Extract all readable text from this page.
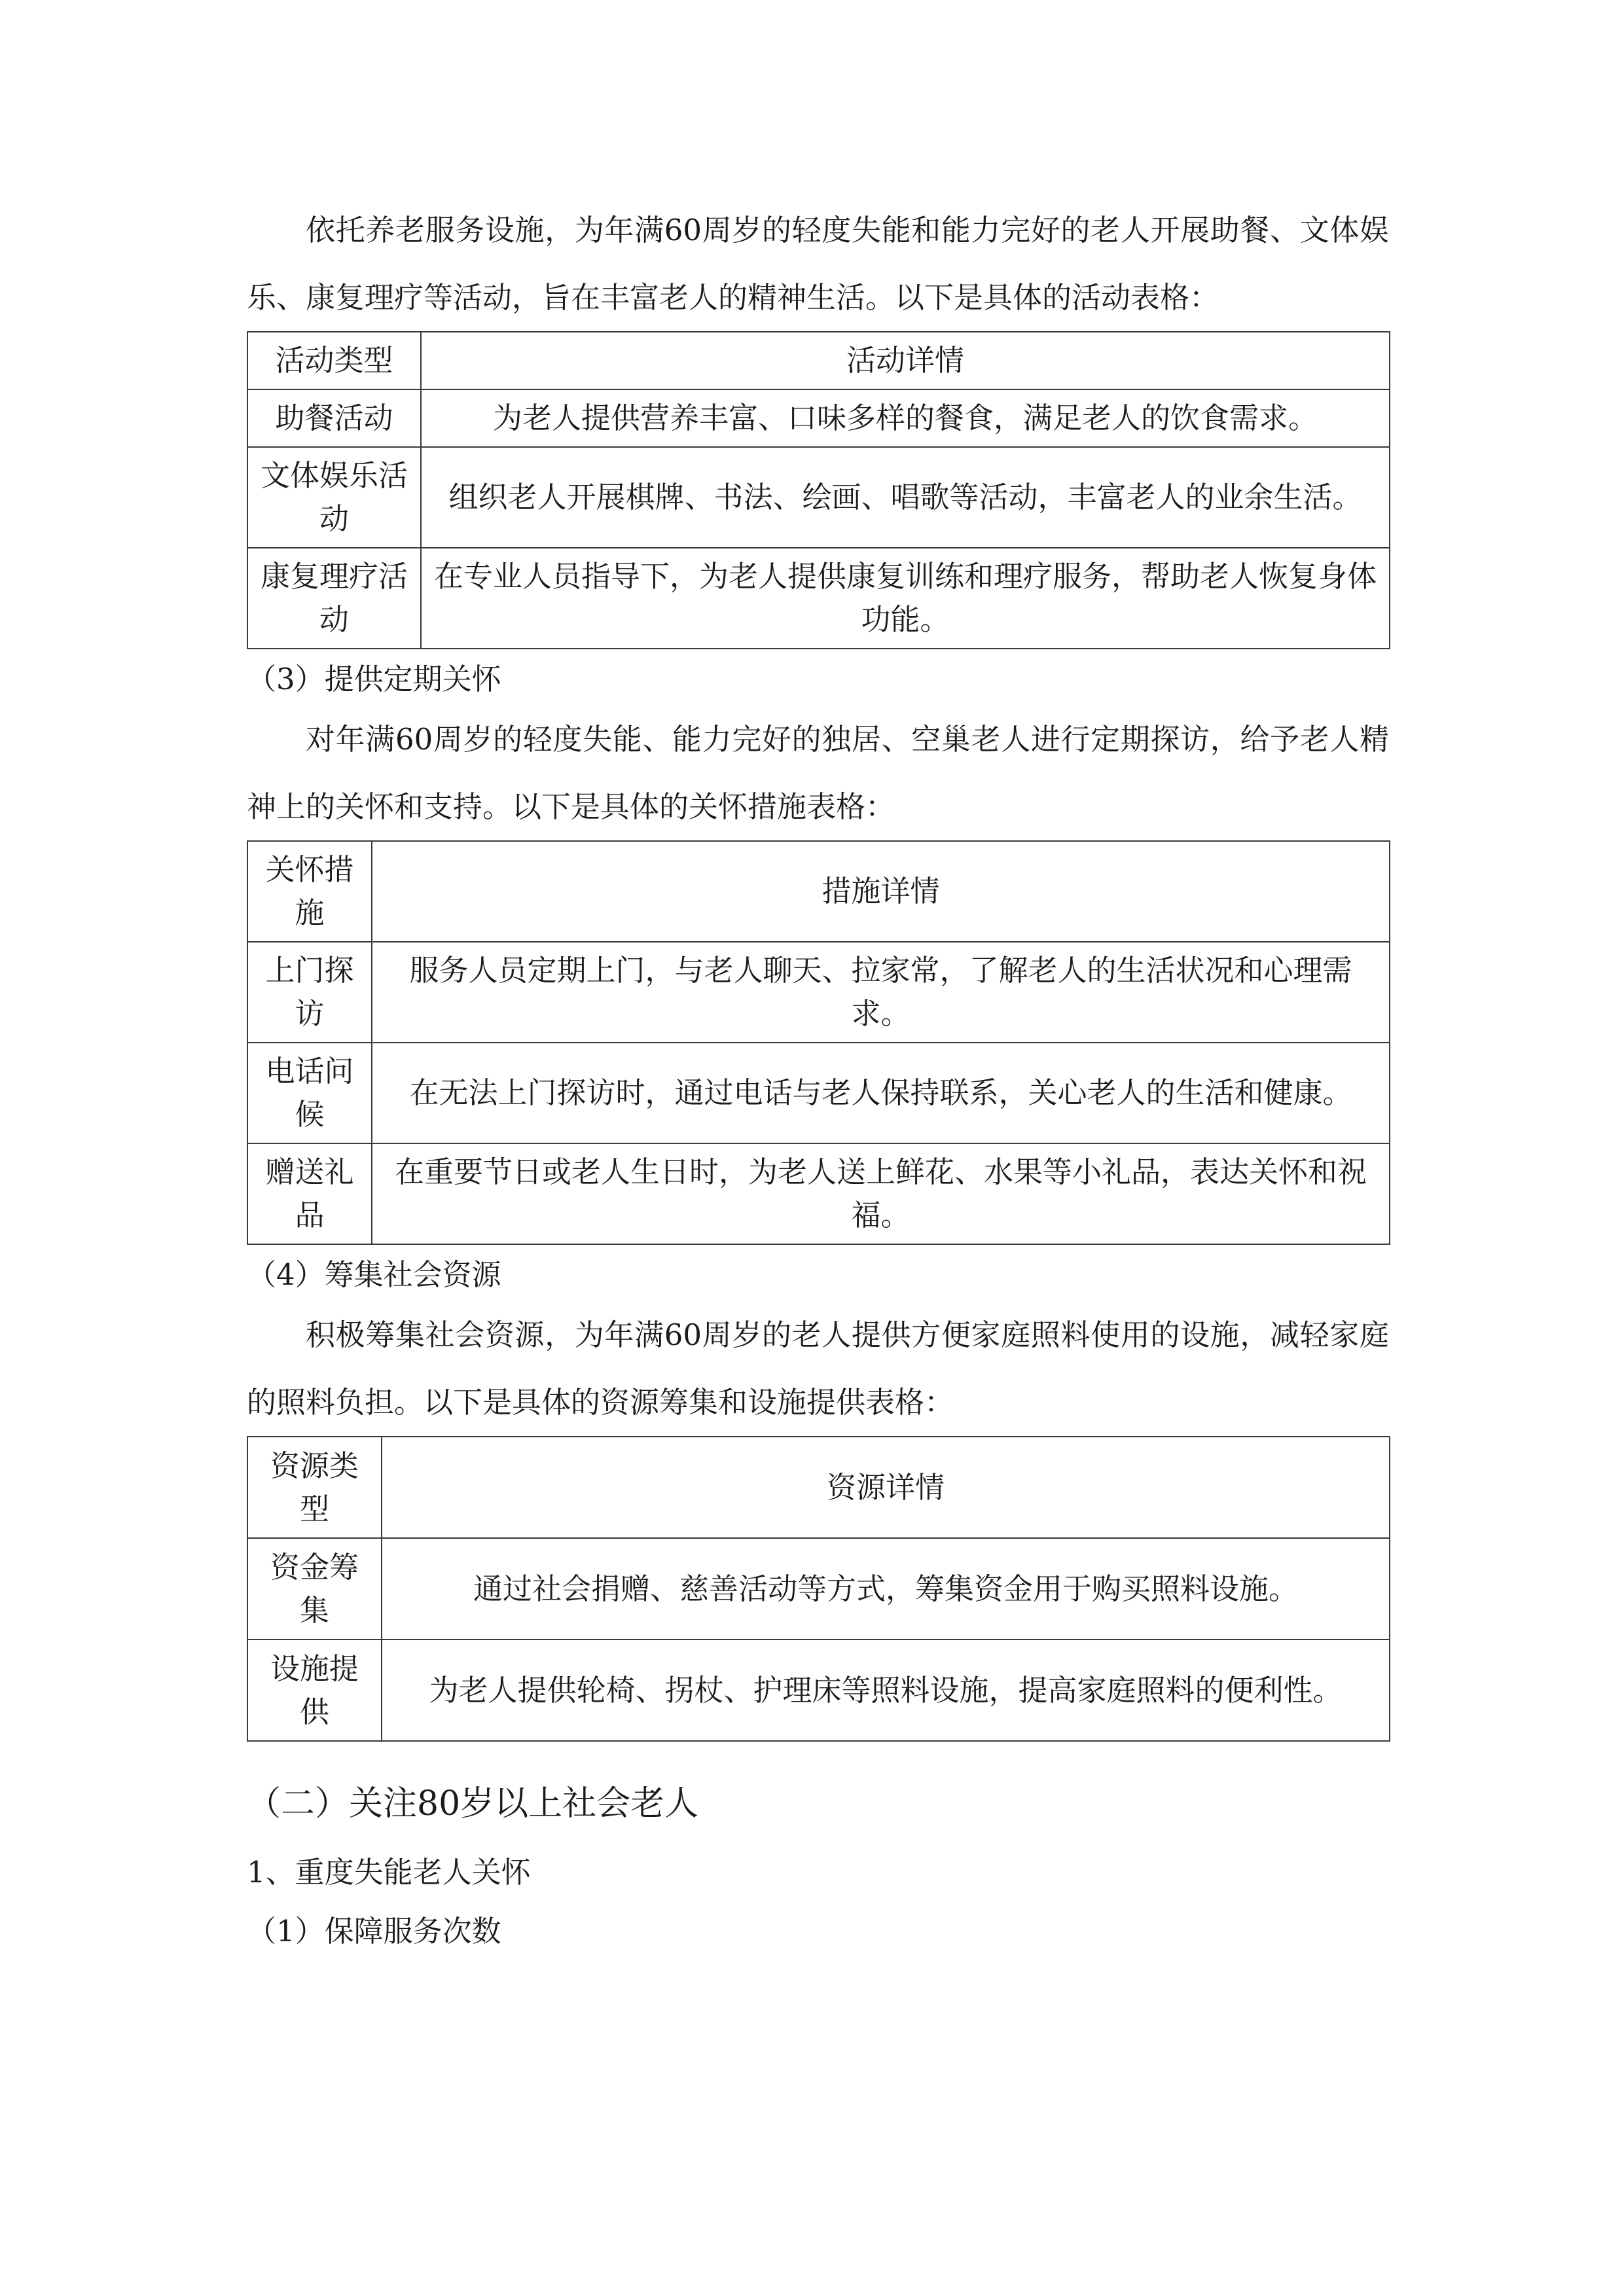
依托养老服务设施，为年满60周岁的轻度失能和能力完好的老人开展助餐、文体娱乐、康复理疗等活动，旨在丰富老人的精神生活。以下是具体的活动表格：

活动类型	活动详情
助餐活动	为老人提供营养丰富、口味多样的餐食，满足老人的饮食需求。
文体娱乐活动	组织老人开展棋牌、书法、绘画、唱歌等活动，丰富老人的业余生活。
康复理疗活动	在专业人员指导下，为老人提供康复训练和理疗服务，帮助老人恢复身体功能。

（3）提供定期关怀

对年满60周岁的轻度失能、能力完好的独居、空巢老人进行定期探访，给予老人精神上的关怀和支持。以下是具体的关怀措施表格：

关怀措施	措施详情
上门探访	服务人员定期上门，与老人聊天、拉家常，了解老人的生活状况和心理需求。
电话问候	在无法上门探访时，通过电话与老人保持联系，关心老人的生活和健康。
赠送礼品	在重要节日或老人生日时，为老人送上鲜花、水果等小礼品，表达关怀和祝福。

（4）筹集社会资源

积极筹集社会资源，为年满60周岁的老人提供方便家庭照料使用的设施，减轻家庭的照料负担。以下是具体的资源筹集和设施提供表格：

资源类型	资源详情
资金筹集	通过社会捐赠、慈善活动等方式，筹集资金用于购买照料设施。
设施提供	为老人提供轮椅、拐杖、护理床等照料设施，提高家庭照料的便利性。
（二）关注80岁以上社会老人
1、重度失能老人关怀
（1）保障服务次数
